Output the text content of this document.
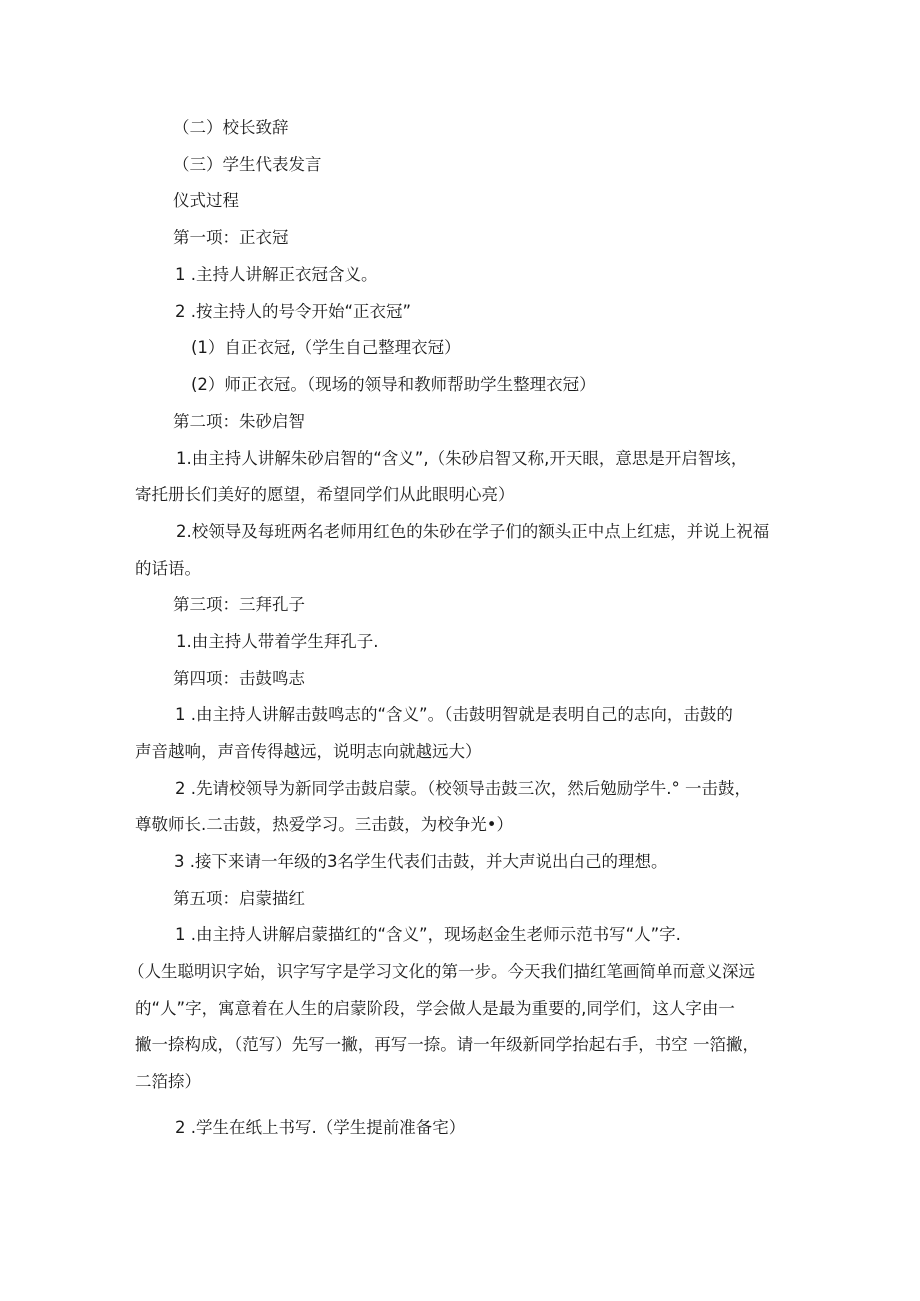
（二）校长致辞

（三）学生代表发言

仪式过程

第一项：正衣冠

1 .主持人讲解正衣冠含义。

2 .按主持人的号令开始“正衣冠”

(1）自正衣冠,（学生自己整理衣冠）

(2）师正衣冠。（现场的领导和教师帮助学生整理衣冠）

第二项：朱砂启智

1.由主持人讲解朱砂启智的“含义”,（朱砂启智又称,开天眼，意思是开启智垓，

寄托册长们美好的愿望，希望同学们从此眼明心亮）

2.校领导及每班两名老师用红色的朱砂在学子们的额头正中点上红痣，并说上祝福

的话语。

第三项：三拜孔子

1.由主持人带着学生拜孔子.

第四项：击鼓鸣志

1 .由主持人讲解击鼓鸣志的“含义”。（击鼓明智就是表明自己的志向，击鼓的

声音越响，声音传得越远，说明志向就越远大）

2 .先请校领导为新同学击鼓启蒙。（校领导击鼓三次，然后勉励学牛.° 一击鼓，

尊敬师长.二击鼓，热爱学习。三击鼓，为校争光•）

3 .接下来请一年级的3名学生代表们击鼓，并大声说出白己的理想。

第五项：启蒙描红

1 .由主持人讲解启蒙描红的“含义”，现场赵金生老师示范书写“人”字.

（人生聪明识字始，识字写字是学习文化的第一步。今天我们描红笔画简单而意义深远

的“人”字，寓意着在人生的启蒙阶段，学会做人是最为重要的,同学们，这人字由一

撇一捺构成，（范写）先写一撇，再写一捺。请一年级新同学抬起右手，书空 一箔撇，

二箔捺）

2 .学生在纸上书写.（学生提前准备宅）
